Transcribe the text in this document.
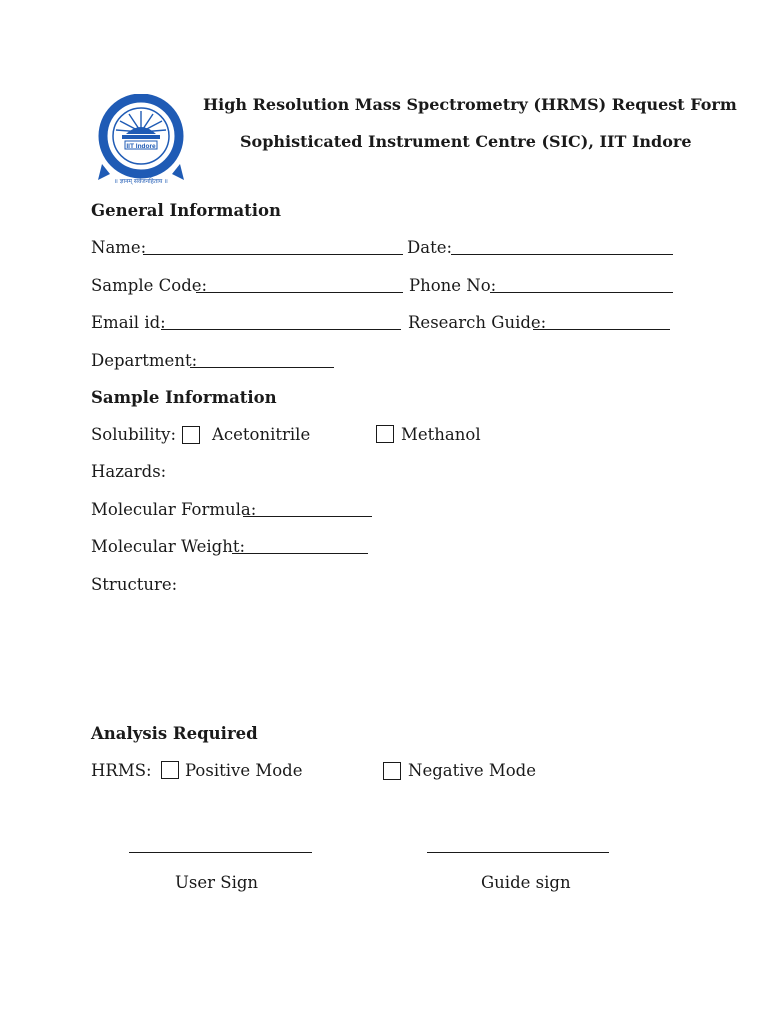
IIT Indore
॥ ज्ञानम् सर्वजनहिताय ॥
High Resolution Mass Spectrometry (HRMS) Request Form
Sophisticated Instrument Centre (SIC), IIT Indore
General Information
Name:	Date:
Sample Code:	Phone No:
Email id:	Research Guide:
Department:
Sample Information
Solubility: Acetonitrile	Methanol
Hazards:
Molecular Formula:
Molecular Weight:
Structure:
Analysis Required
HRMS: Positive Mode	Negative Mode
User Sign	Guide sign
